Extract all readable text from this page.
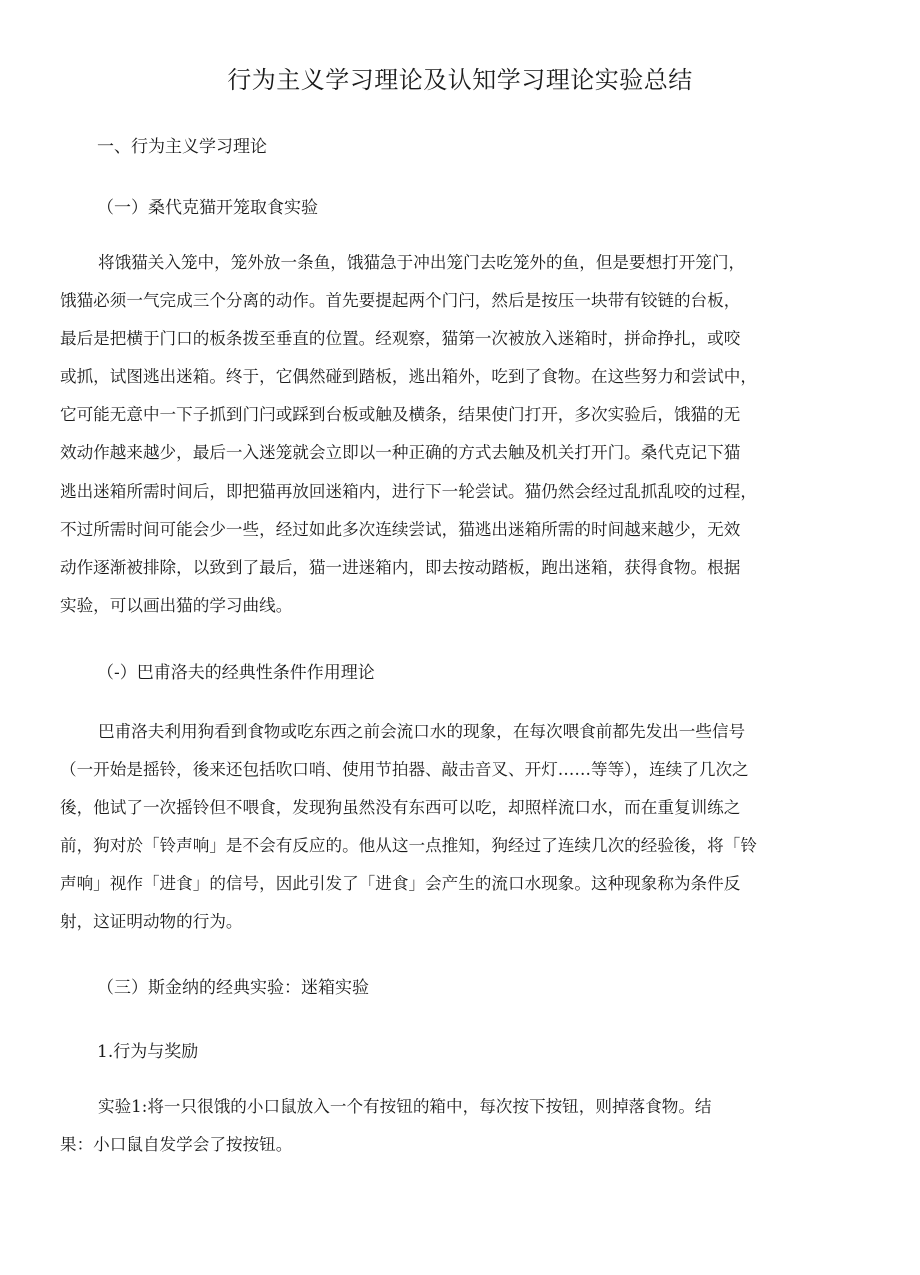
行为主义学习理论及认知学习理论实验总结
一、行为主义学习理论
（一）桑代克猫开笼取食实验
将饿猫关入笼中，笼外放一条鱼，饿猫急于冲出笼门去吃笼外的鱼，但是要想打开笼门，
饿猫必须一气完成三个分离的动作。首先要提起两个门闩，然后是按压一块带有铰链的台板，
最后是把横于门口的板条拨至垂直的位置。经观察，猫第一次被放入迷箱时，拼命挣扎，或咬
或抓，试图逃出迷箱。终于，它偶然碰到踏板，逃出箱外，吃到了食物。在这些努力和尝试中，
它可能无意中一下子抓到门闩或踩到台板或触及横条，结果使门打开，多次实验后，饿猫的无
效动作越来越少，最后一入迷笼就会立即以一种正确的方式去触及机关打开门。桑代克记下猫
逃出迷箱所需时间后，即把猫再放回迷箱内，进行下一轮尝试。猫仍然会经过乱抓乱咬的过程，
不过所需时间可能会少一些，经过如此多次连续尝试，猫逃出迷箱所需的时间越来越少，无效
动作逐渐被排除，以致到了最后，猫一进迷箱内，即去按动踏板，跑出迷箱，获得食物。根据
实验，可以画出猫的学习曲线。
（-）巴甫洛夫的经典性条件作用理论
巴甫洛夫利用狗看到食物或吃东西之前会流口水的现象，在每次喂食前都先发出一些信号
（一开始是摇铃，後来还包括吹口哨、使用节拍器、敲击音叉、开灯……等等），连续了几次之
後，他试了一次摇铃但不喂食，发现狗虽然没有东西可以吃，却照样流口水，而在重复训练之
前，狗对於「铃声响」是不会有反应的。他从这一点推知，狗经过了连续几次的经验後，将「铃
声响」视作「进食」的信号，因此引发了「进食」会产生的流口水现象。这种现象称为条件反
射，这证明动物的行为。
（三）斯金纳的经典实验：迷箱实验
1.行为与奖励
实验1:将一只很饿的小口鼠放入一个有按钮的箱中，每次按下按钮，则掉落食物。结
果：小口鼠自发学会了按按钮。
